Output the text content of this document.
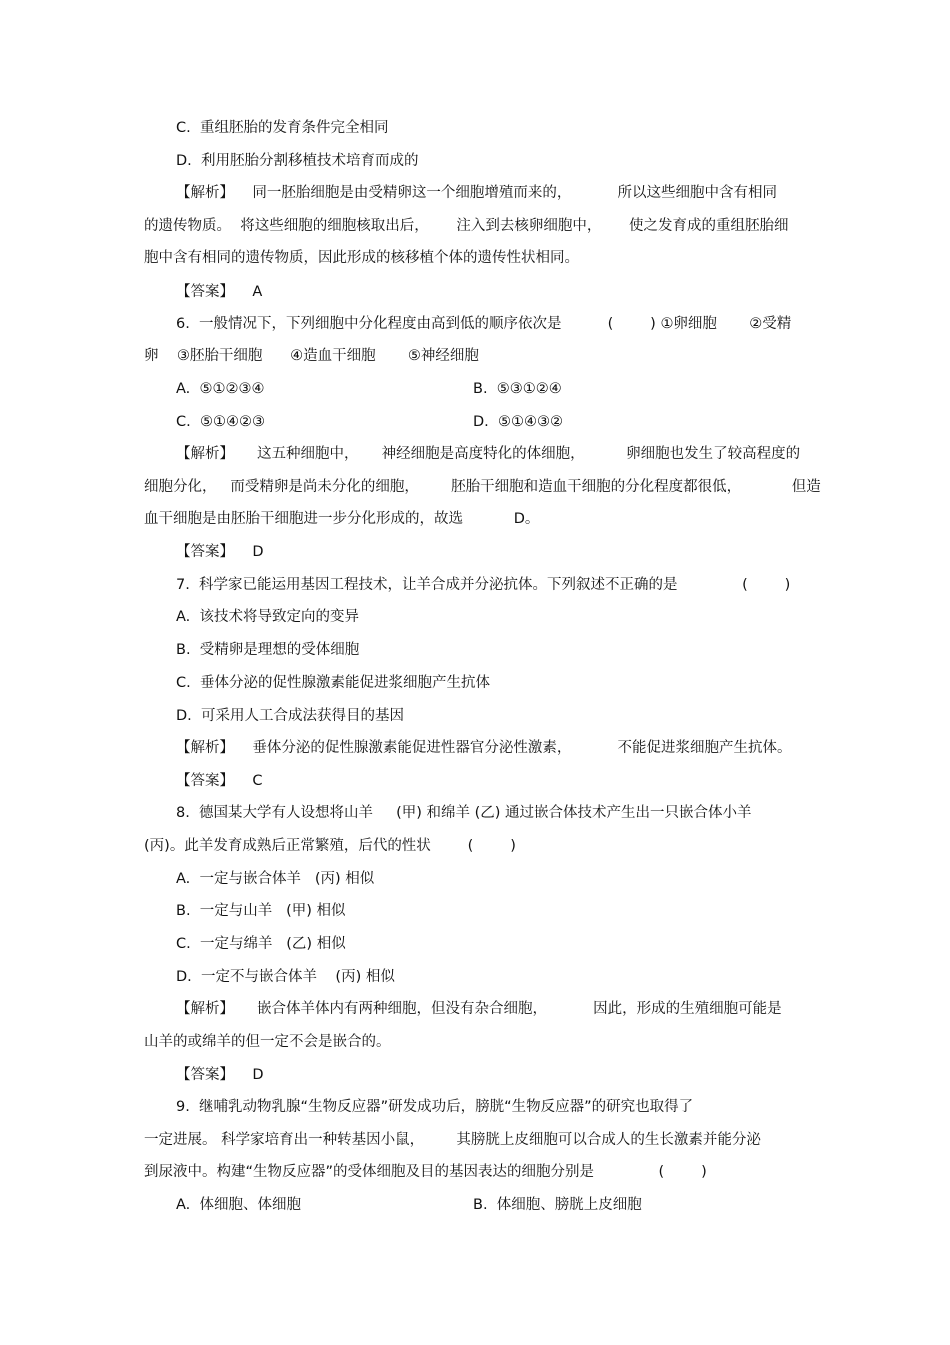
C.  重组胚胎的发育条件完全相同
D.  利用胚胎分割移植技术培育而成的
【解析】    同一胚胎细胞是由受精卵这一个细胞增殖而来的，          所以这些细胞中含有相同
的遗传物质。  将这些细胞的细胞核取出后，      注入到去核卵细胞中，      使之发育成的重组胚胎细
胞中含有相同的遗传物质，因此形成的核移植个体的遗传性状相同。
【答案】    A
6.  一般情况下，下列细胞中分化程度由高到低的顺序依次是          (        ) ①卵细胞       ②受精
卵    ③胚胎干细胞      ④造血干细胞       ⑤神经细胞
A.  ⑤①②③④	B.  ⑤③①②④
C.  ⑤①④②③	D.  ⑤①④③②
【解析】     这五种细胞中，     神经细胞是高度特化的体细胞，         卵细胞也发生了较高程度的
细胞分化，   而受精卵是尚未分化的细胞，       胚胎干细胞和造血干细胞的分化程度都很低，           但造
血干细胞是由胚胎干细胞进一步分化形成的，故选           D。
【答案】    D
7.  科学家已能运用基因工程技术，让羊合成并分泌抗体。下列叙述不正确的是              (        )
A.  该技术将导致定向的变异
B.  受精卵是理想的受体细胞
C.  垂体分泌的促性腺激素能促进浆细胞产生抗体
D.  可采用人工合成法获得目的基因
【解析】    垂体分泌的促性腺激素能促进性器官分泌性激素，          不能促进浆细胞产生抗体。
【答案】    C
8.  德国某大学有人设想将山羊     (甲) 和绵羊 (乙) 通过嵌合体技术产生出一只嵌合体小羊
(丙)。此羊发育成熟后正常繁殖，后代的性状        (        )
A.  一定与嵌合体羊   (丙) 相似
B.  一定与山羊   (甲) 相似
C.  一定与绵羊   (乙) 相似
D.  一定不与嵌合体羊    (丙) 相似
【解析】     嵌合体羊体内有两种细胞，但没有杂合细胞，          因此，形成的生殖细胞可能是
山羊的或绵羊的但一定不会是嵌合的。
【答案】    D
9.  继哺乳动物乳腺“生物反应器”研发成功后，膀胱“生物反应器”的研究也取得了
一定进展。 科学家培育出一种转基因小鼠，       其膀胱上皮细胞可以合成人的生长激素并能分泌
到尿液中。构建“生物反应器”的受体细胞及目的基因表达的细胞分别是              (        )
A.  体细胞、体细胞	B.  体细胞、膀胱上皮细胞
